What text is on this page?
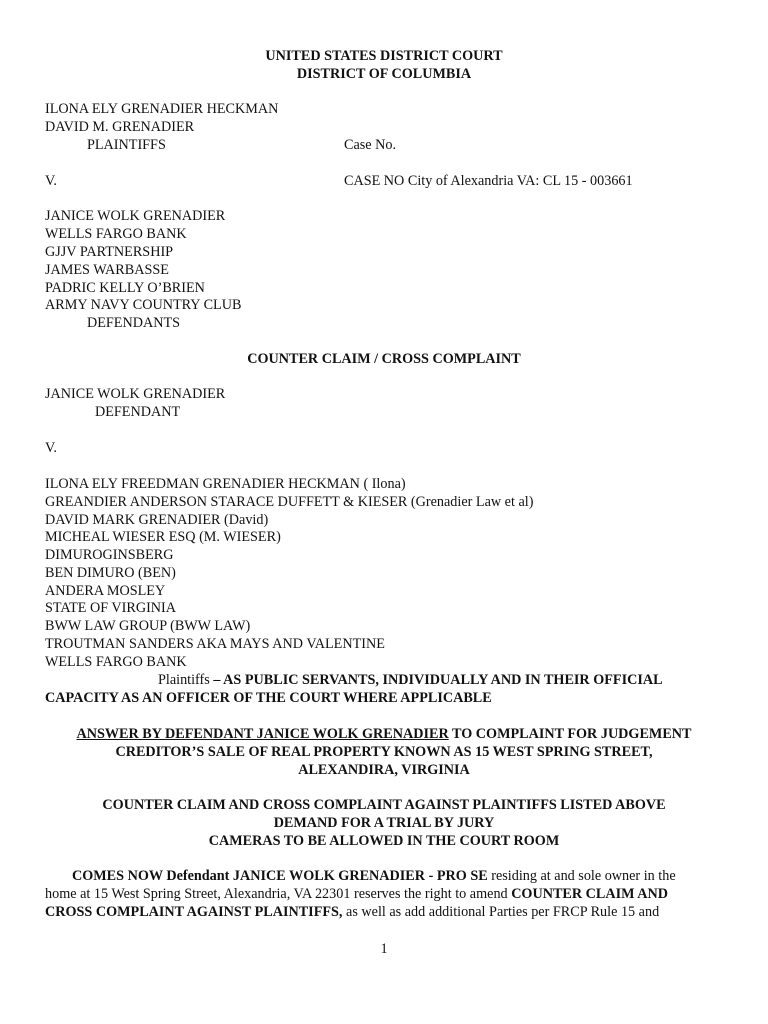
UNITED STATES DISTRICT COURT
DISTRICT OF COLUMBIA
ILONA ELY GRENADIER HECKMAN
DAVID M. GRENADIER
PLAINTIFFS	Case No.
V.	CASE NO City of Alexandria VA: CL 15 - 003661
JANICE WOLK GRENADIER
WELLS FARGO BANK
GJJV PARTNERSHIP
JAMES WARBASSE
PADRIC KELLY O’BRIEN
ARMY NAVY COUNTRY CLUB
DEFENDANTS
COUNTER CLAIM / CROSS COMPLAINT
JANICE WOLK GRENADIER
DEFENDANT
V.
ILONA ELY FREEDMAN GRENADIER HECKMAN ( Ilona)
GREANDIER ANDERSON STARACE DUFFETT & KIESER (Grenadier Law et al)
DAVID MARK GRENADIER (David)
MICHEAL WIESER ESQ (M. WIESER)
DIMUROGINSBERG
BEN DIMURO (BEN)
ANDERA MOSLEY
STATE OF VIRGINIA
BWW LAW GROUP (BWW LAW)
TROUTMAN SANDERS AKA MAYS AND VALENTINE
WELLS FARGO BANK
Plaintiffs – AS PUBLIC SERVANTS, INDIVIDUALLY AND IN THEIR OFFICIAL
CAPACITY AS AN OFFICER OF THE COURT WHERE APPLICABLE
ANSWER BY DEFENDANT JANICE WOLK GRENADIER TO COMPLAINT FOR JUDGEMENT
CREDITOR’S SALE OF REAL PROPERTY KNOWN AS 15 WEST SPRING STREET,
ALEXANDIRA, VIRGINIA
COUNTER CLAIM AND CROSS COMPLAINT AGAINST PLAINTIFFS LISTED ABOVE
DEMAND FOR A TRIAL BY JURY
CAMERAS TO BE ALLOWED IN THE COURT ROOM
COMES NOW Defendant JANICE WOLK GRENADIER - PRO SE residing at and sole owner in the
home at 15 West Spring Street, Alexandria, VA 22301 reserves the right to amend COUNTER CLAIM AND
CROSS COMPLAINT AGAINST PLAINTIFFS, as well as add additional Parties per FRCP Rule 15 and
1
